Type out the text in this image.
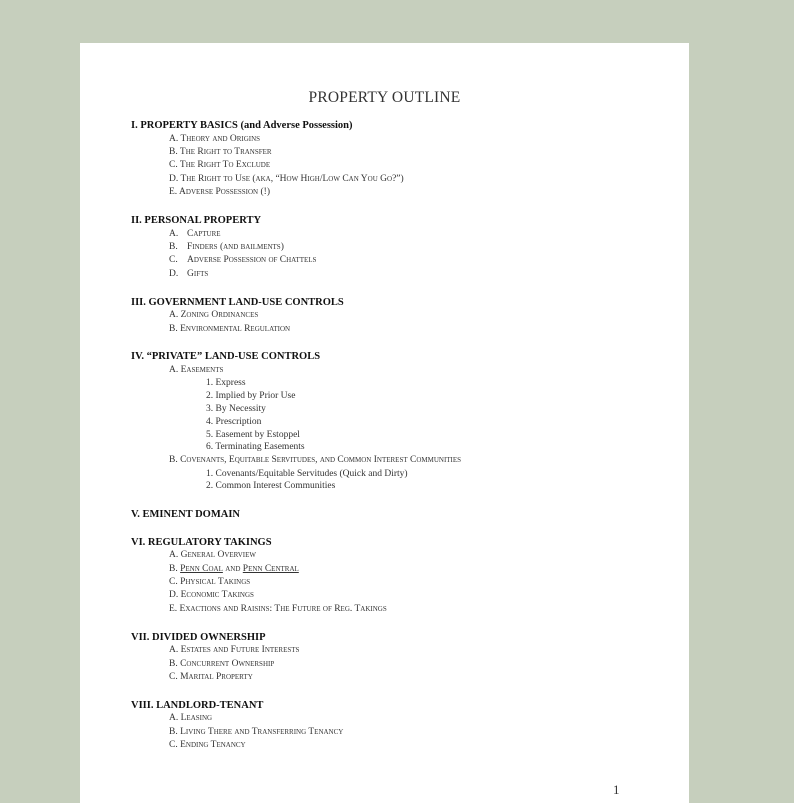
PROPERTY OUTLINE
I. PROPERTY BASICS (and Adverse Possession)
A. Theory and Origins
B. The Right to Transfer
C. The Right To Exclude
D. The Right to Use (aka, “How High/Low Can You Go?”)
E. Adverse Possession (!)
II. PERSONAL PROPERTY
A. Capture
B. Finders (and bailments)
C. Adverse Possession of Chattels
D. Gifts
III. GOVERNMENT LAND-USE CONTROLS
A. Zoning Ordinances
B. Environmental Regulation
IV. “PRIVATE” LAND-USE CONTROLS
A. Easements
1. Express
2. Implied by Prior Use
3. By Necessity
4. Prescription
5. Easement by Estoppel
6. Terminating Easements
B. Covenants, Equitable Servitudes, and Common Interest Communities
1. Covenants/Equitable Servitudes (Quick and Dirty)
2. Common Interest Communities
V. EMINENT DOMAIN
VI. REGULATORY TAKINGS
A. General Overview
B. Penn Coal and Penn Central
C. Physical Takings
D. Economic Takings
E. Exactions and Raisins: The Future of Reg. Takings
VII. DIVIDED OWNERSHIP
A. Estates and Future Interests
B. Concurrent Ownership
C. Marital Property
VIII. LANDLORD-TENANT
A. Leasing
B. Living There and Transferring Tenancy
C. Ending Tenancy
1
